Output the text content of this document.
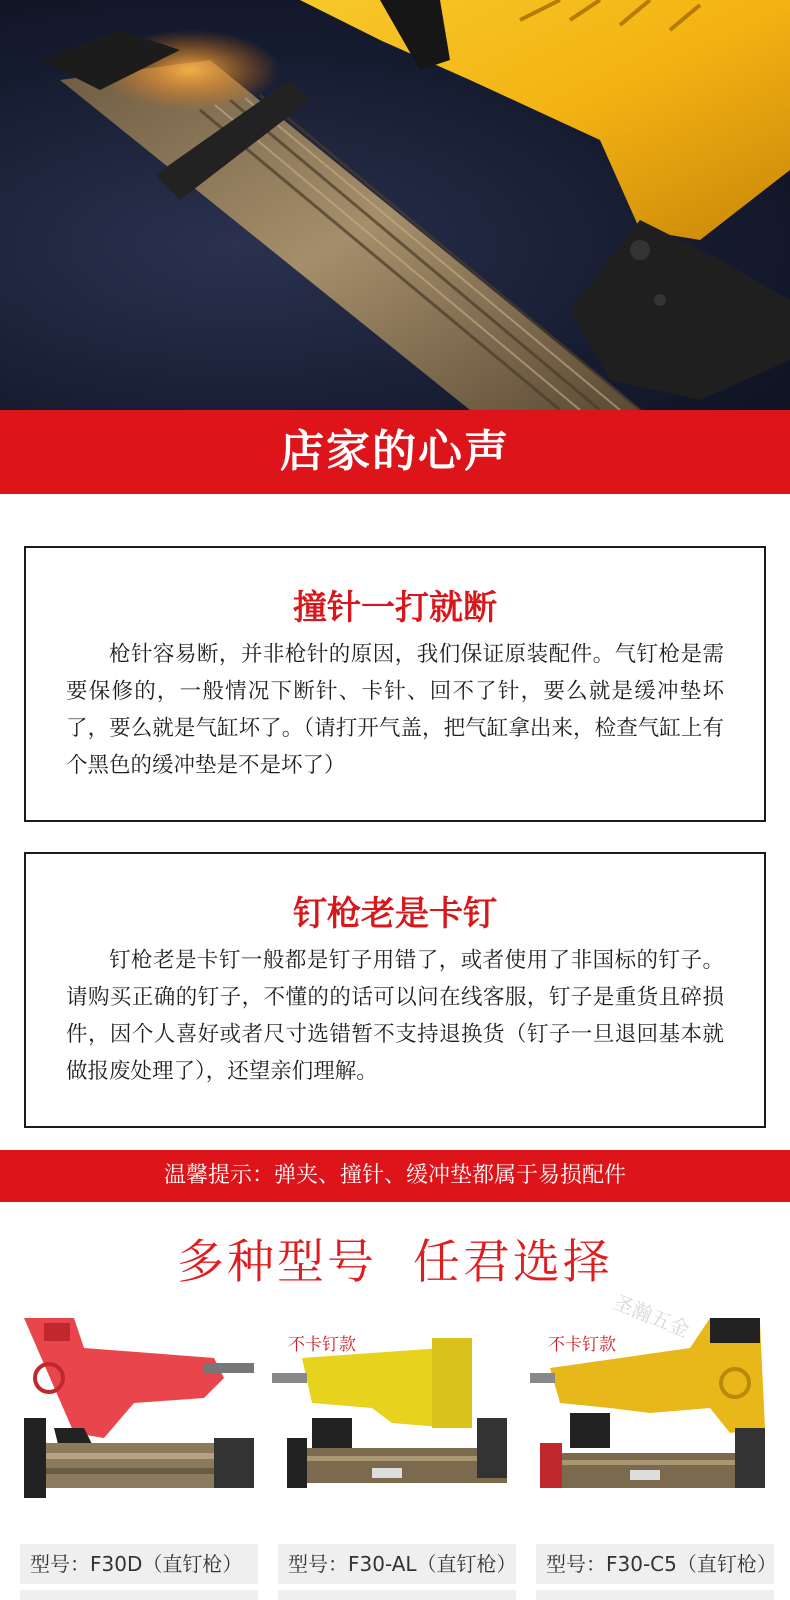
店家的心声
撞针一打就断

枪针容易断，并非枪针的原因，我们保证原装配件。气钉枪是需要保修的，一般情况下断针、卡针、回不了针，要么就是缓冲垫坏了，要么就是气缸坏了。（请打开气盖，把气缸拿出来，检查气缸上有个黑色的缓冲垫是不是坏了）

钉枪老是卡钉

钉枪老是卡钉一般都是钉子用错了，或者使用了非国标的钉子。请购买正确的钉子，不懂的的话可以问在线客服，钉子是重货且碎损件，因个人喜好或者尺寸选错暂不支持退换货（钉子一旦退回基本就做报废处理了），还望亲们理解。

温馨提示：弹夹、撞针、缓冲垫都属于易损配件
多种型号  任君选择
圣瀚五金
型号：F30D（直钉枪）
不卡钉款
型号：F30-AL（直钉枪）
不卡钉款
型号：F30-C5（直钉枪）
